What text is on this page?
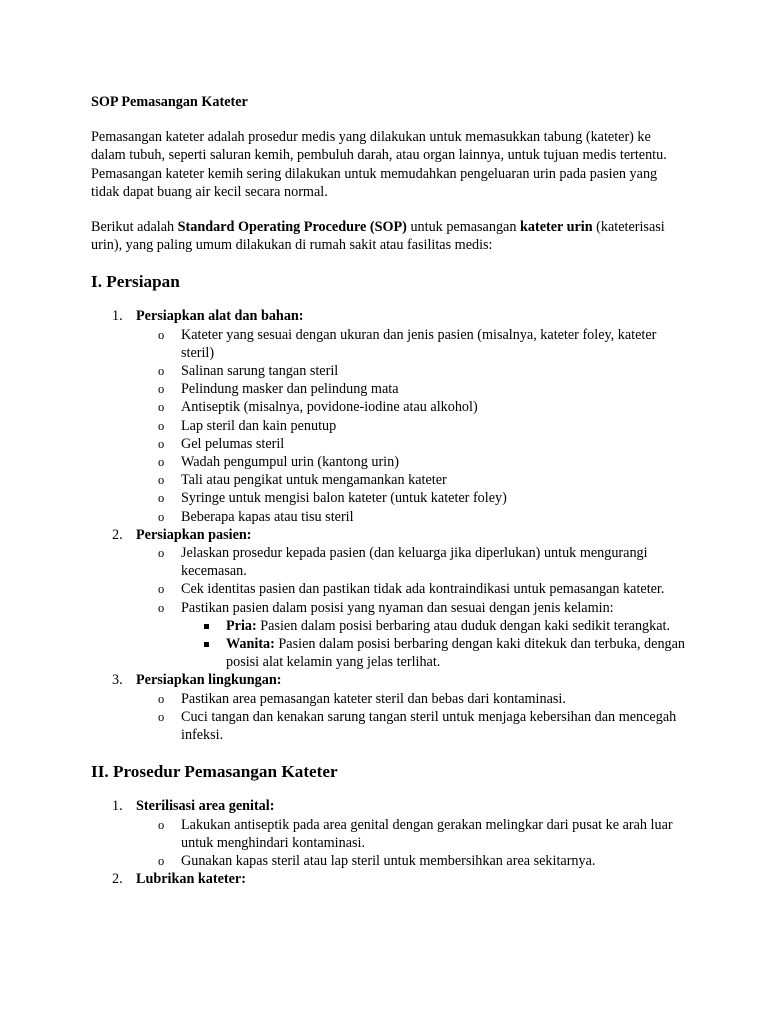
SOP Pemasangan Kateter

Pemasangan kateter adalah prosedur medis yang dilakukan untuk memasukkan tabung (kateter) ke dalam tubuh, seperti saluran kemih, pembuluh darah, atau organ lainnya, untuk tujuan medis tertentu. Pemasangan kateter kemih sering dilakukan untuk memudahkan pengeluaran urin pada pasien yang tidak dapat buang air kecil secara normal.

Berikut adalah Standard Operating Procedure (SOP) untuk pemasangan kateter urin (kateterisasi urin), yang paling umum dilakukan di rumah sakit atau fasilitas medis:

I. Persiapan
1. Persiapkan alat dan bahan:
o Kateter yang sesuai dengan ukuran dan jenis pasien (misalnya, kateter foley, kateter steril)
o Salinan sarung tangan steril
o Pelindung masker dan pelindung mata
o Antiseptik (misalnya, povidone-iodine atau alkohol)
o Lap steril dan kain penutup
o Gel pelumas steril
o Wadah pengumpul urin (kantong urin)
o Tali atau pengikat untuk mengamankan kateter
o Syringe untuk mengisi balon kateter (untuk kateter foley)
o Beberapa kapas atau tisu steril
2. Persiapkan pasien:
o Jelaskan prosedur kepada pasien (dan keluarga jika diperlukan) untuk mengurangi kecemasan.
o Cek identitas pasien dan pastikan tidak ada kontraindikasi untuk pemasangan kateter.
o Pastikan pasien dalam posisi yang nyaman dan sesuai dengan jenis kelamin:
Pria: Pasien dalam posisi berbaring atau duduk dengan kaki sedikit terangkat.
Wanita: Pasien dalam posisi berbaring dengan kaki ditekuk dan terbuka, dengan posisi alat kelamin yang jelas terlihat.
3. Persiapkan lingkungan:
o Pastikan area pemasangan kateter steril dan bebas dari kontaminasi.
o Cuci tangan dan kenakan sarung tangan steril untuk menjaga kebersihan dan mencegah infeksi.
II. Prosedur Pemasangan Kateter
1. Sterilisasi area genital:
o Lakukan antiseptik pada area genital dengan gerakan melingkar dari pusat ke arah luar untuk menghindari kontaminasi.
o Gunakan kapas steril atau lap steril untuk membersihkan area sekitarnya.
2. Lubrikan kateter:
